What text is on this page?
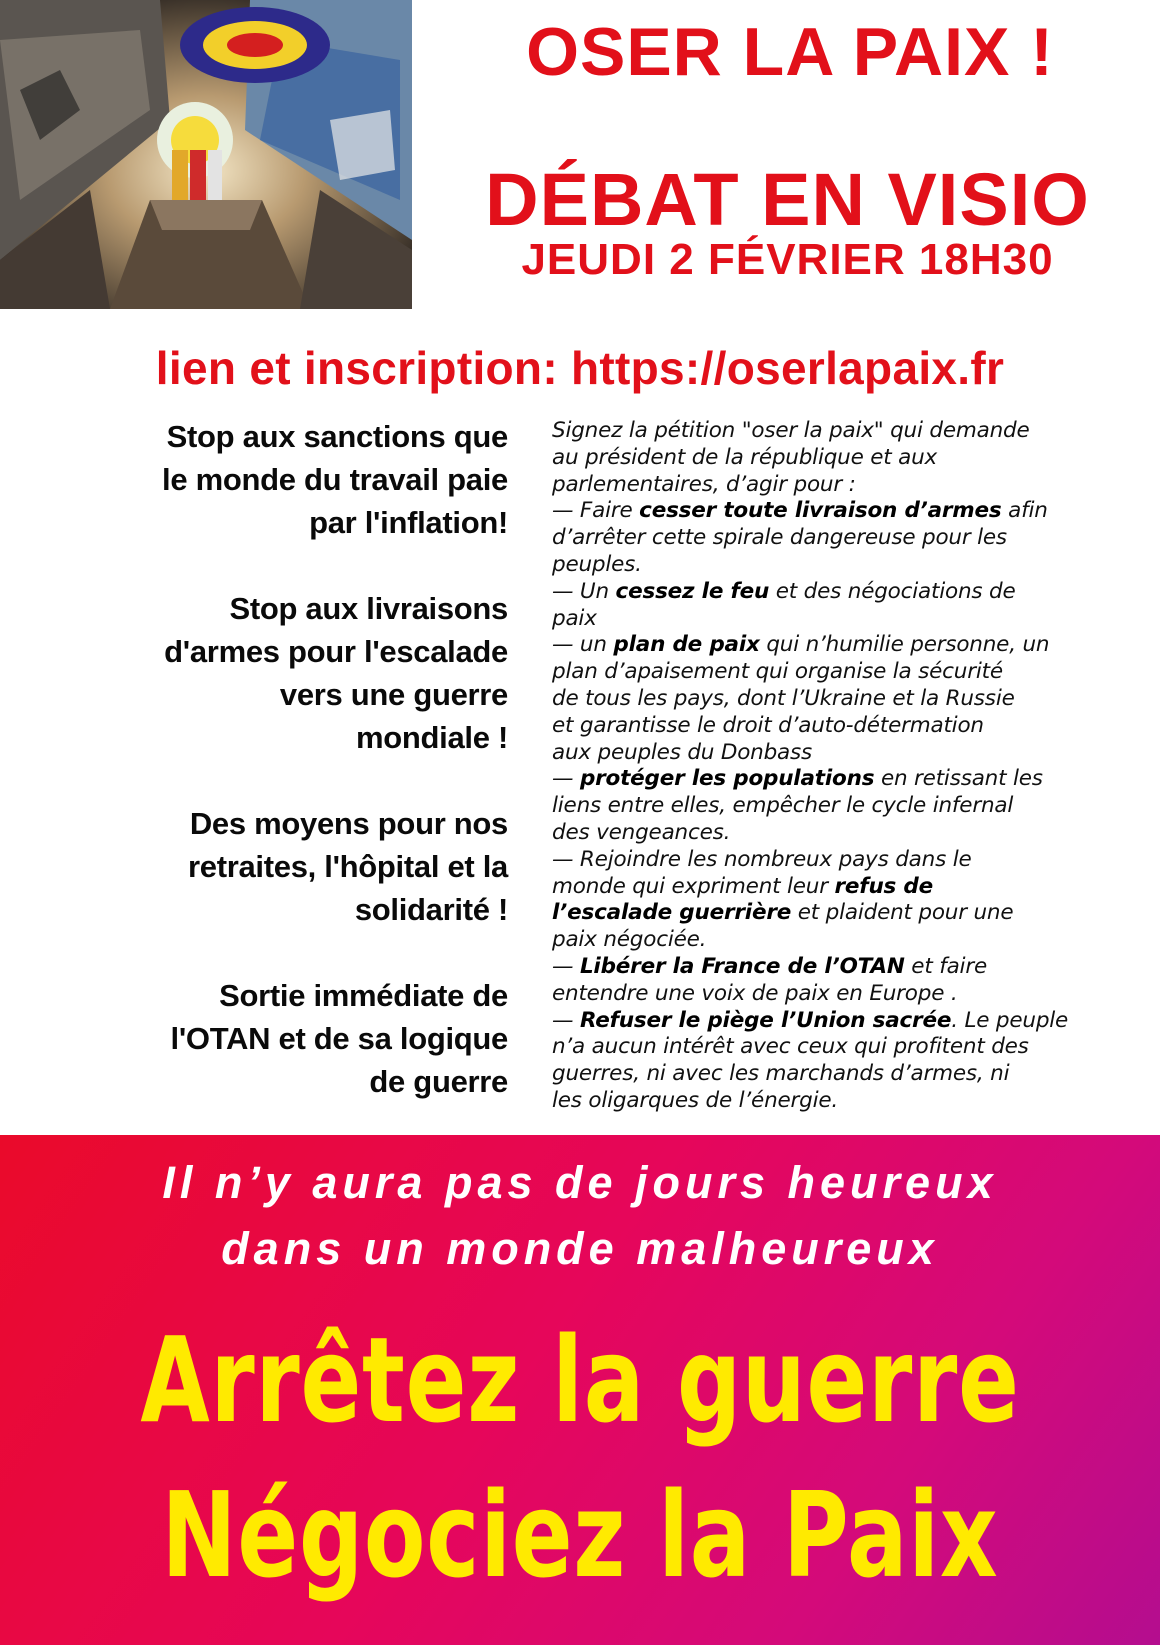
OSER LA PAIX !
DÉBAT EN VISIO
JEUDI 2 FÉVRIER 18H30

lien et inscription: https://oserlapaix.fr

Stop aux sanctions que
le monde du travail paie
par l'inflation!

Stop aux livraisons
d'armes pour l'escalade
vers une guerre
mondiale !

Des moyens pour nos
retraites, l'hôpital et la
solidarité !

Sortie immédiate de
l'OTAN et de sa logique
de guerre

Signez la pétition "oser la paix" qui demande
au président de la république et aux
parlementaires, d’agir pour :

— Faire cesser toute livraison d’armes afin
d’arrêter cette spirale dangereuse pour les
peuples.

— Un cessez le feu et des négociations de
paix

— un plan de paix qui n’humilie personne, un
plan d’apaisement qui organise la sécurité
de tous les pays, dont l’Ukraine et la Russie
et garantisse le droit d’auto-détermation
aux peuples du Donbass

— protéger les populations en retissant les
liens entre elles, empêcher le cycle infernal
des vengeances.

— Rejoindre les nombreux pays dans le
monde qui expriment leur refus de
l’escalade guerrière et plaident pour une
paix négociée.

— Libérer la France de l’OTAN et faire
entendre une voix de paix en Europe .

— Refuser le piège l’Union sacrée. Le peuple
n’a aucun intérêt avec ceux qui profitent des
guerres, ni avec les marchands d’armes, ni
les oligarques de l’énergie.

Il n’y aura pas de jours heureux
dans un monde malheureux

Arrêtez la guerre

Négociez la Paix
